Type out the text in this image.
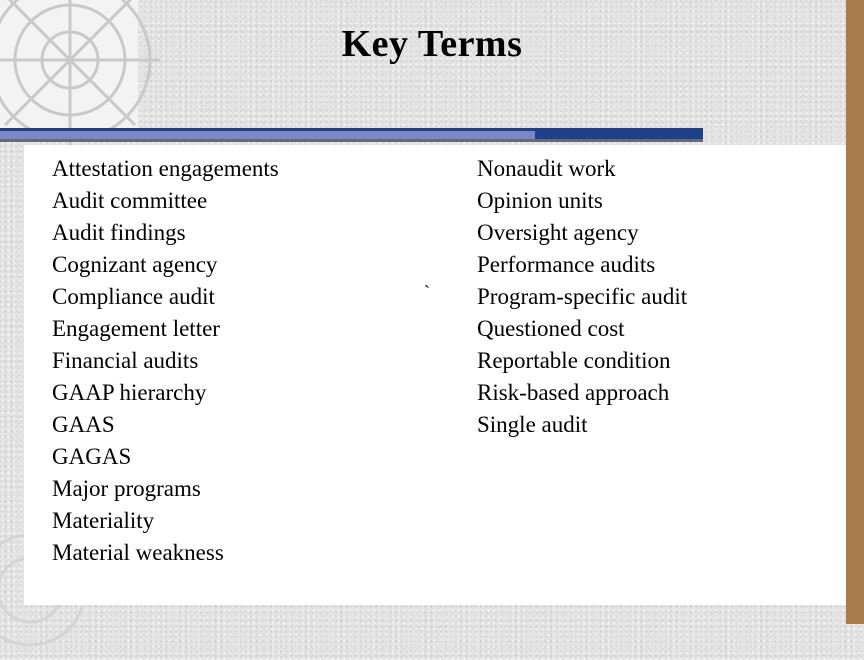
Key Terms
Attestation engagements
Audit committee
Audit findings
Cognizant agency
Compliance audit
Engagement letter
Financial audits
GAAP hierarchy
GAAS
GAGAS
Major programs
Materiality
Material weakness
Nonaudit work
Opinion units
Oversight agency
Performance audits
Program-specific audit
Questioned cost
Reportable condition
Risk-based approach
Single audit
`
